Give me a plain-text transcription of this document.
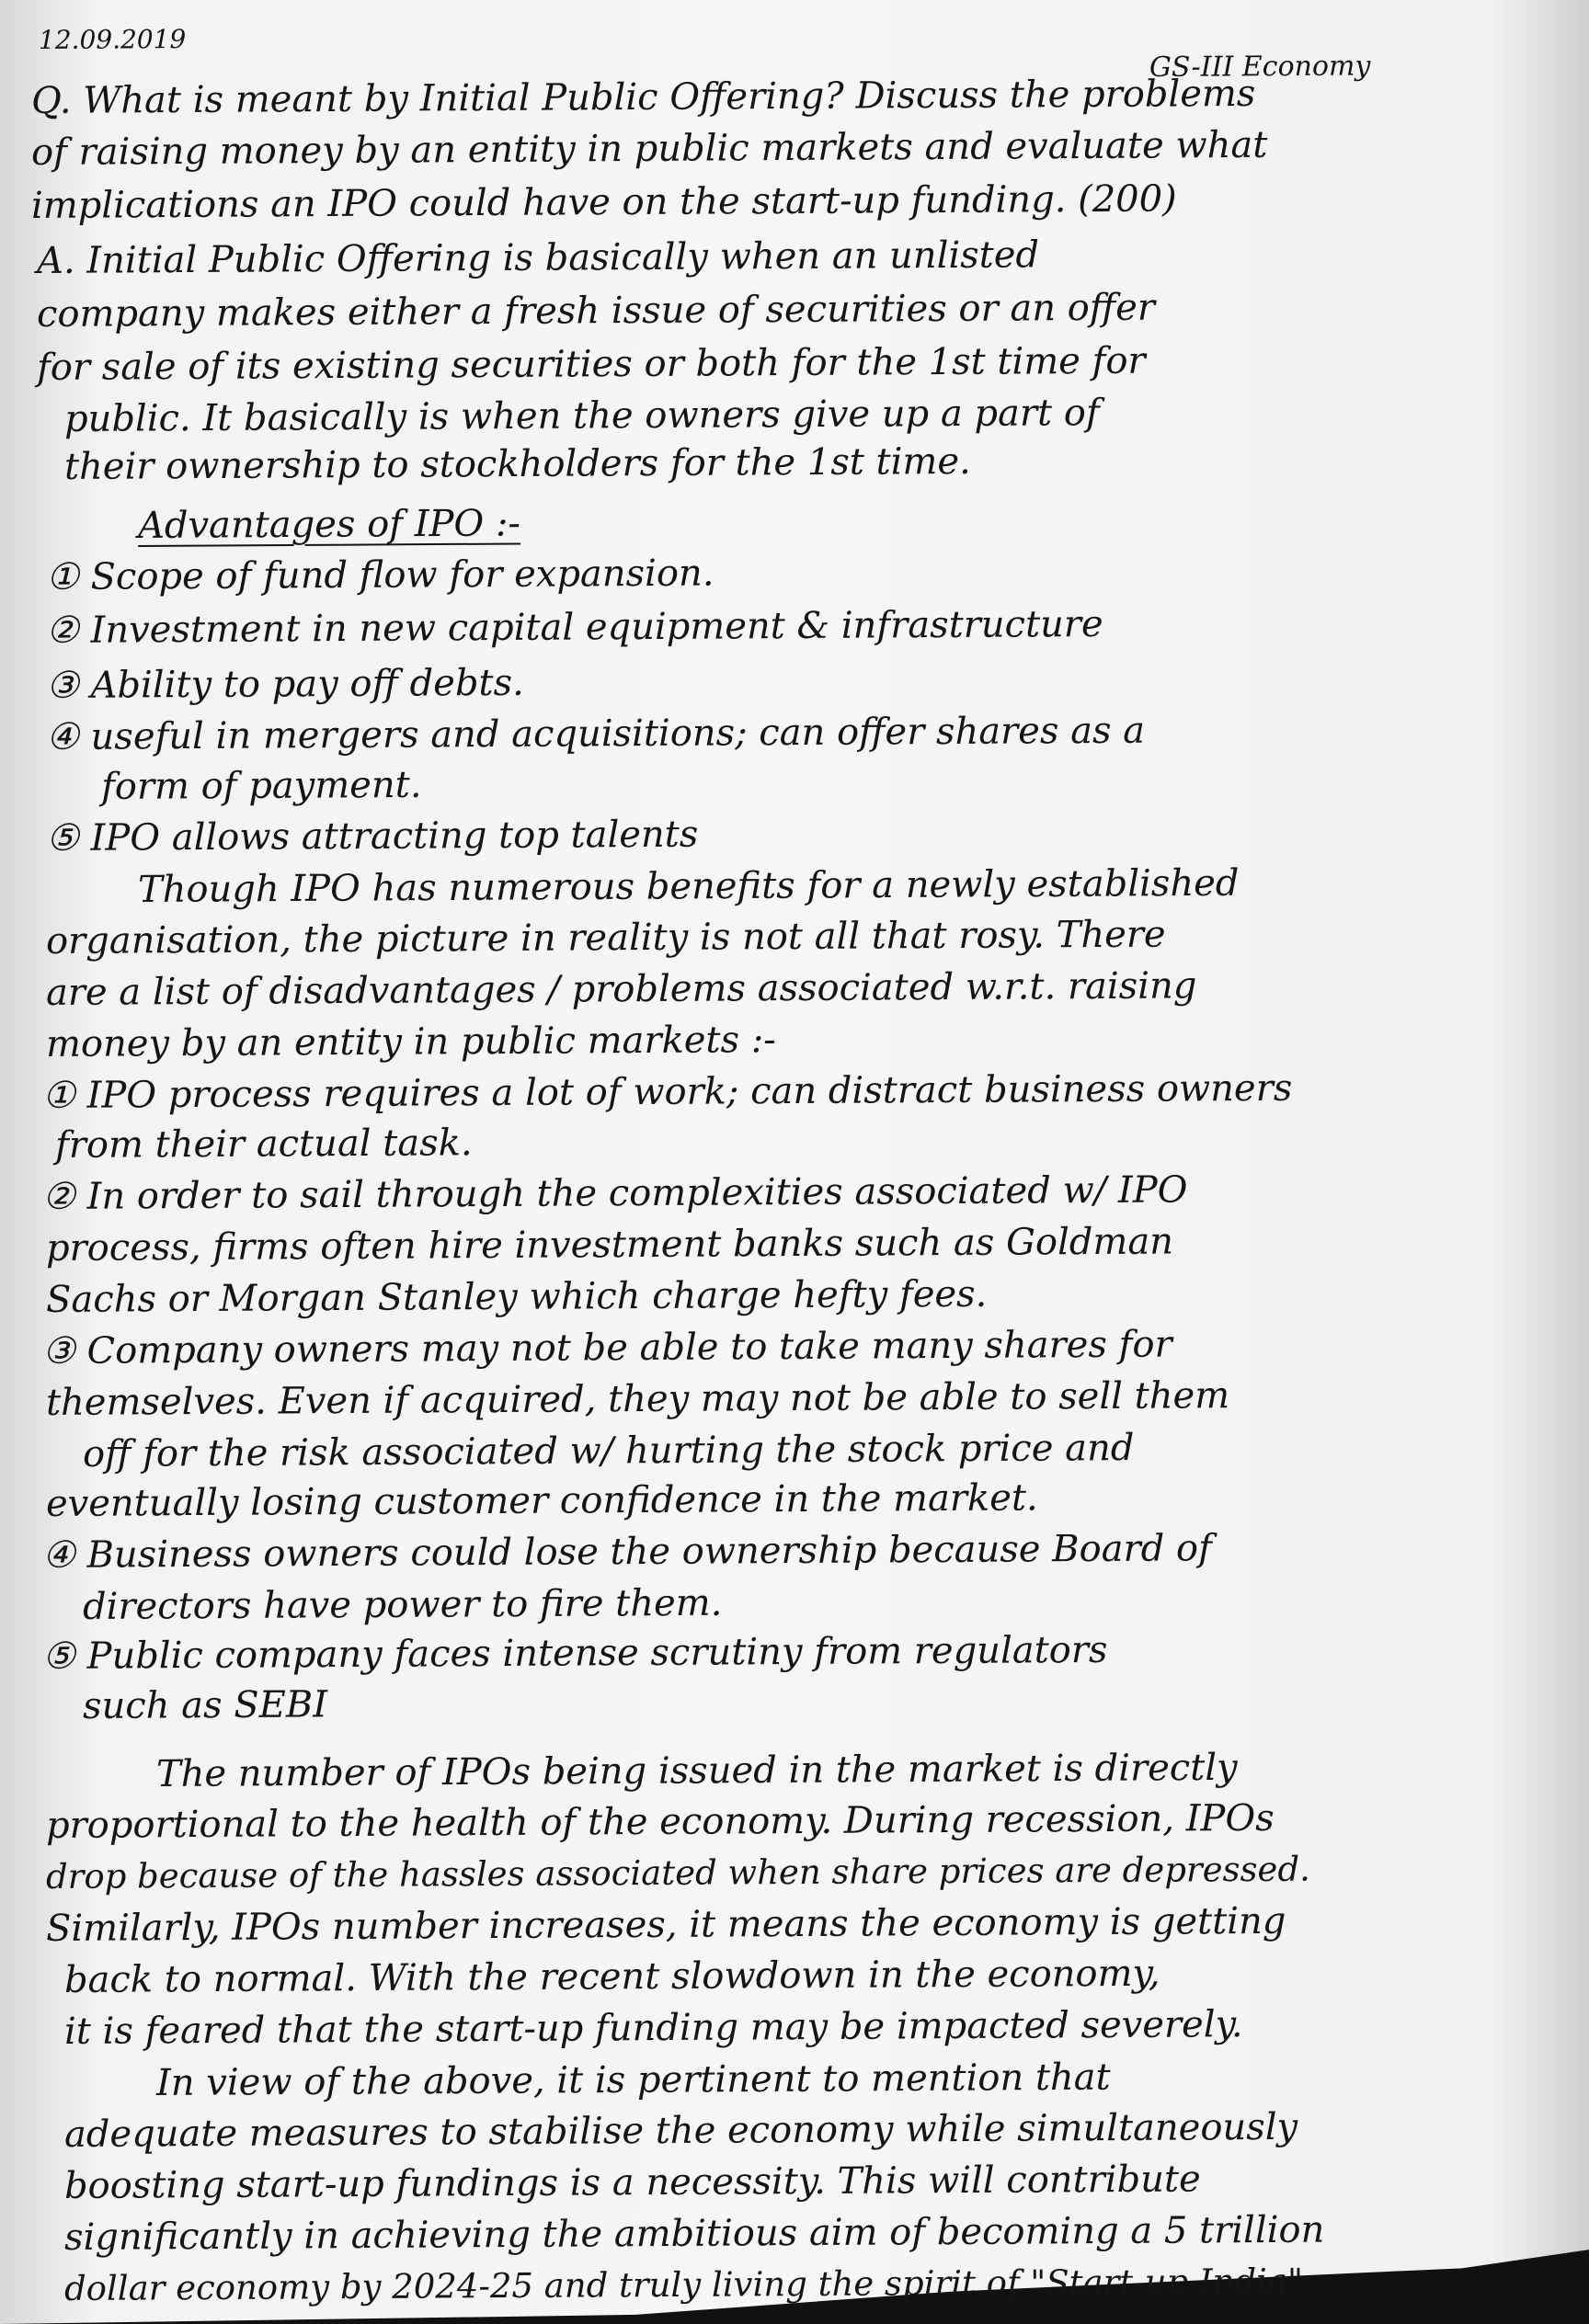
12.09.2019
GS-III Economy
Q. What is meant by Initial Public Offering? Discuss the problems
of raising money by an entity in public markets and evaluate what
implications an IPO could have on the start-up funding. (200)
A. Initial Public Offering is basically when an unlisted
company makes either a fresh issue of securities or an offer
for sale of its existing securities or both for the 1st time for
public. It basically is when the owners give up a part of
their ownership to stockholders for the 1st time.
Advantages of IPO :-
① Scope of fund flow for expansion.
② Investment in new capital equipment & infrastructure
③ Ability to pay off debts.
④ useful in mergers and acquisitions; can offer shares as a
form of payment.
⑤ IPO allows attracting top talents
Though IPO has numerous benefits for a newly established
organisation, the picture in reality is not all that rosy. There
are a list of disadvantages / problems associated w.r.t. raising
money by an entity in public markets :-
① IPO process requires a lot of work; can distract business owners
from their actual task.
② In order to sail through the complexities associated w/ IPO
process, firms often hire investment banks such as Goldman
Sachs or Morgan Stanley which charge hefty fees.
③ Company owners may not be able to take many shares for
themselves. Even if acquired, they may not be able to sell them
off for the risk associated w/ hurting the stock price and
eventually losing customer confidence in the market.
④ Business owners could lose the ownership because Board of
directors have power to fire them.
⑤ Public company faces intense scrutiny from regulators
such as SEBI
The number of IPOs being issued in the market is directly
proportional to the health of the economy. During recession, IPOs
drop because of the hassles associated when share prices are depressed.
Similarly, IPOs number increases, it means the economy is getting
back to normal. With the recent slowdown in the economy,
it is feared that the start-up funding may be impacted severely.
In view of the above, it is pertinent to mention that
adequate measures to stabilise the economy while simultaneously
boosting start-up fundings is a necessity. This will contribute
significantly in achieving the ambitious aim of becoming a 5 trillion
dollar economy by 2024-25 and truly living the spirit of "Start-up India".
